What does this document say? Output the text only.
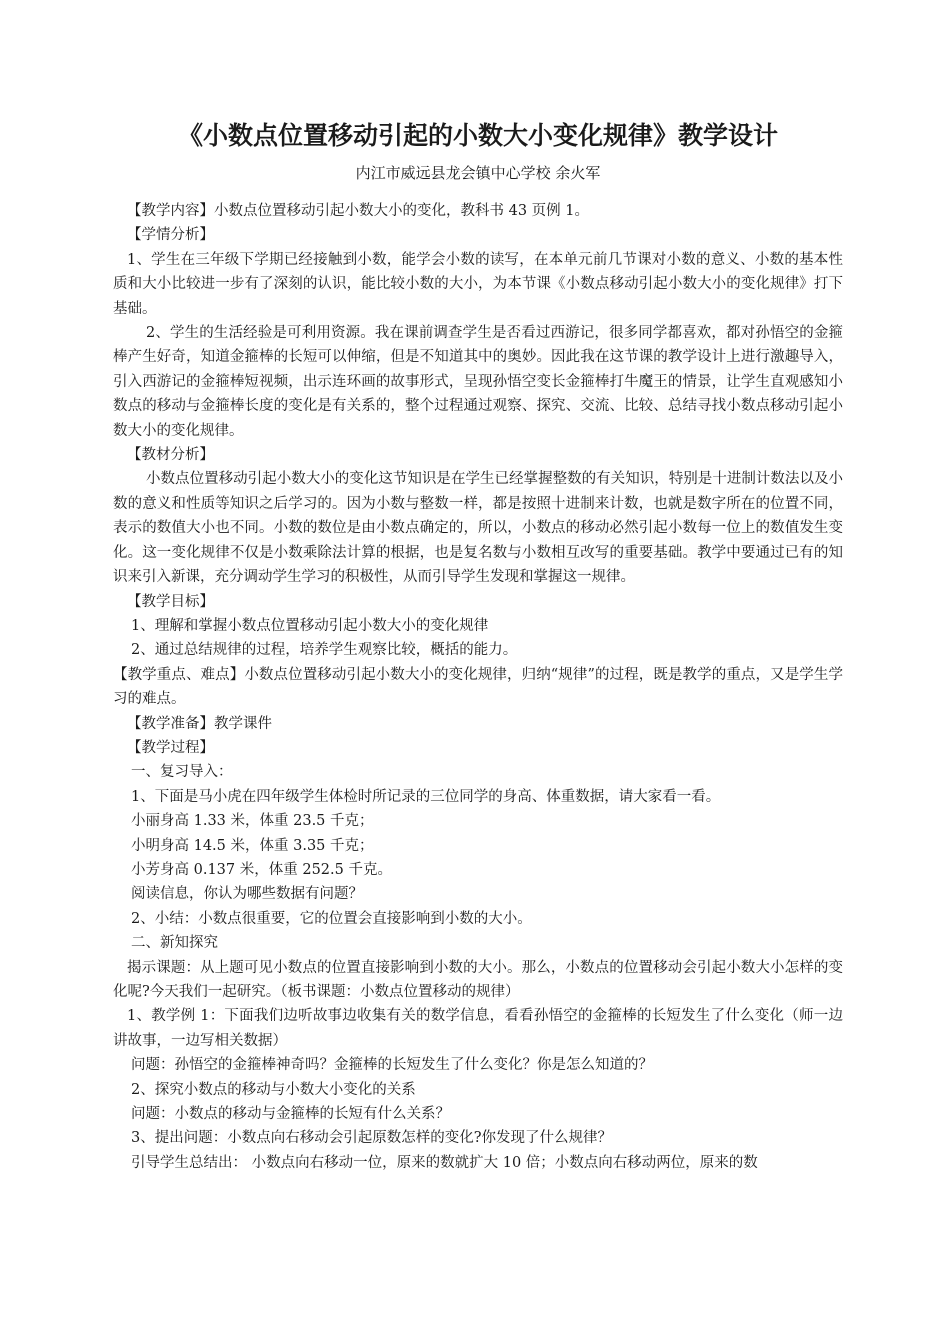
《小数点位置移动引起的小数大小变化规律》教学设计
内江市威远县龙会镇中心学校 余火军

【教学内容】小数点位置移动引起小数大小的变化，教科书 43 页例 1。

【学情分析】

1、学生在三年级下学期已经接触到小数，能学会小数的读写，在本单元前几节课对小数的意义、小数的基本性质和大小比较进一步有了深刻的认识，能比较小数的大小，为本节课《小数点移动引起小数大小的变化规律》打下基础。

2、学生的生活经验是可利用资源。我在课前调查学生是否看过西游记，很多同学都喜欢，都对孙悟空的金箍棒产生好奇，知道金箍棒的长短可以伸缩，但是不知道其中的奥妙。因此我在这节课的教学设计上进行激趣导入，引入西游记的金箍棒短视频，出示连环画的故事形式，呈现孙悟空变长金箍棒打牛魔王的情景，让学生直观感知小数点的移动与金箍棒长度的变化是有关系的，整个过程通过观察、探究、交流、比较、总结寻找小数点移动引起小数大小的变化规律。

【教材分析】

小数点位置移动引起小数大小的变化这节知识是在学生已经掌握整数的有关知识，特别是十进制计数法以及小数的意义和性质等知识之后学习的。因为小数与整数一样，都是按照十进制来计数，也就是数字所在的位置不同，表示的数值大小也不同。小数的数位是由小数点确定的，所以，小数点的移动必然引起小数每一位上的数值发生变化。这一变化规律不仅是小数乘除法计算的根据，也是复名数与小数相互改写的重要基础。教学中要通过已有的知识来引入新课，充分调动学生学习的积极性，从而引导学生发现和掌握这一规律。

【教学目标】

1、理解和掌握小数点位置移动引起小数大小的变化规律

2、通过总结规律的过程，培养学生观察比较，概括的能力。

【教学重点、难点】小数点位置移动引起小数大小的变化规律，归纳“规律”的过程，既是教学的重点，又是学生学习的难点。

【教学准备】教学课件

【教学过程】

一、复习导入：

1、下面是马小虎在四年级学生体检时所记录的三位同学的身高、体重数据，请大家看一看。

小丽身高 1.33 米，体重 23.5 千克；

小明身高 14.5 米，体重 3.35 千克；

小芳身高 0.137 米，体重 252.5 千克。

阅读信息，你认为哪些数据有问题？

2、小结：小数点很重要，它的位置会直接影响到小数的大小。

二、新知探究

揭示课题：从上题可见小数点的位置直接影响到小数的大小。那么，小数点的位置移动会引起小数大小怎样的变化呢?今天我们一起研究。（板书课题：小数点位置移动的规律）

1、教学例 1：下面我们边听故事边收集有关的数学信息，看看孙悟空的金箍棒的长短发生了什么变化（师一边讲故事，一边写相关数据）

问题：孙悟空的金箍棒神奇吗？金箍棒的长短发生了什么变化？你是怎么知道的？

2、探究小数点的移动与小数大小变化的关系

问题：小数点的移动与金箍棒的长短有什么关系？

3、提出问题：小数点向右移动会引起原数怎样的变化?你发现了什么规律？

引导学生总结出： 小数点向右移动一位，原来的数就扩大 10 倍；小数点向右移动两位，原来的数
